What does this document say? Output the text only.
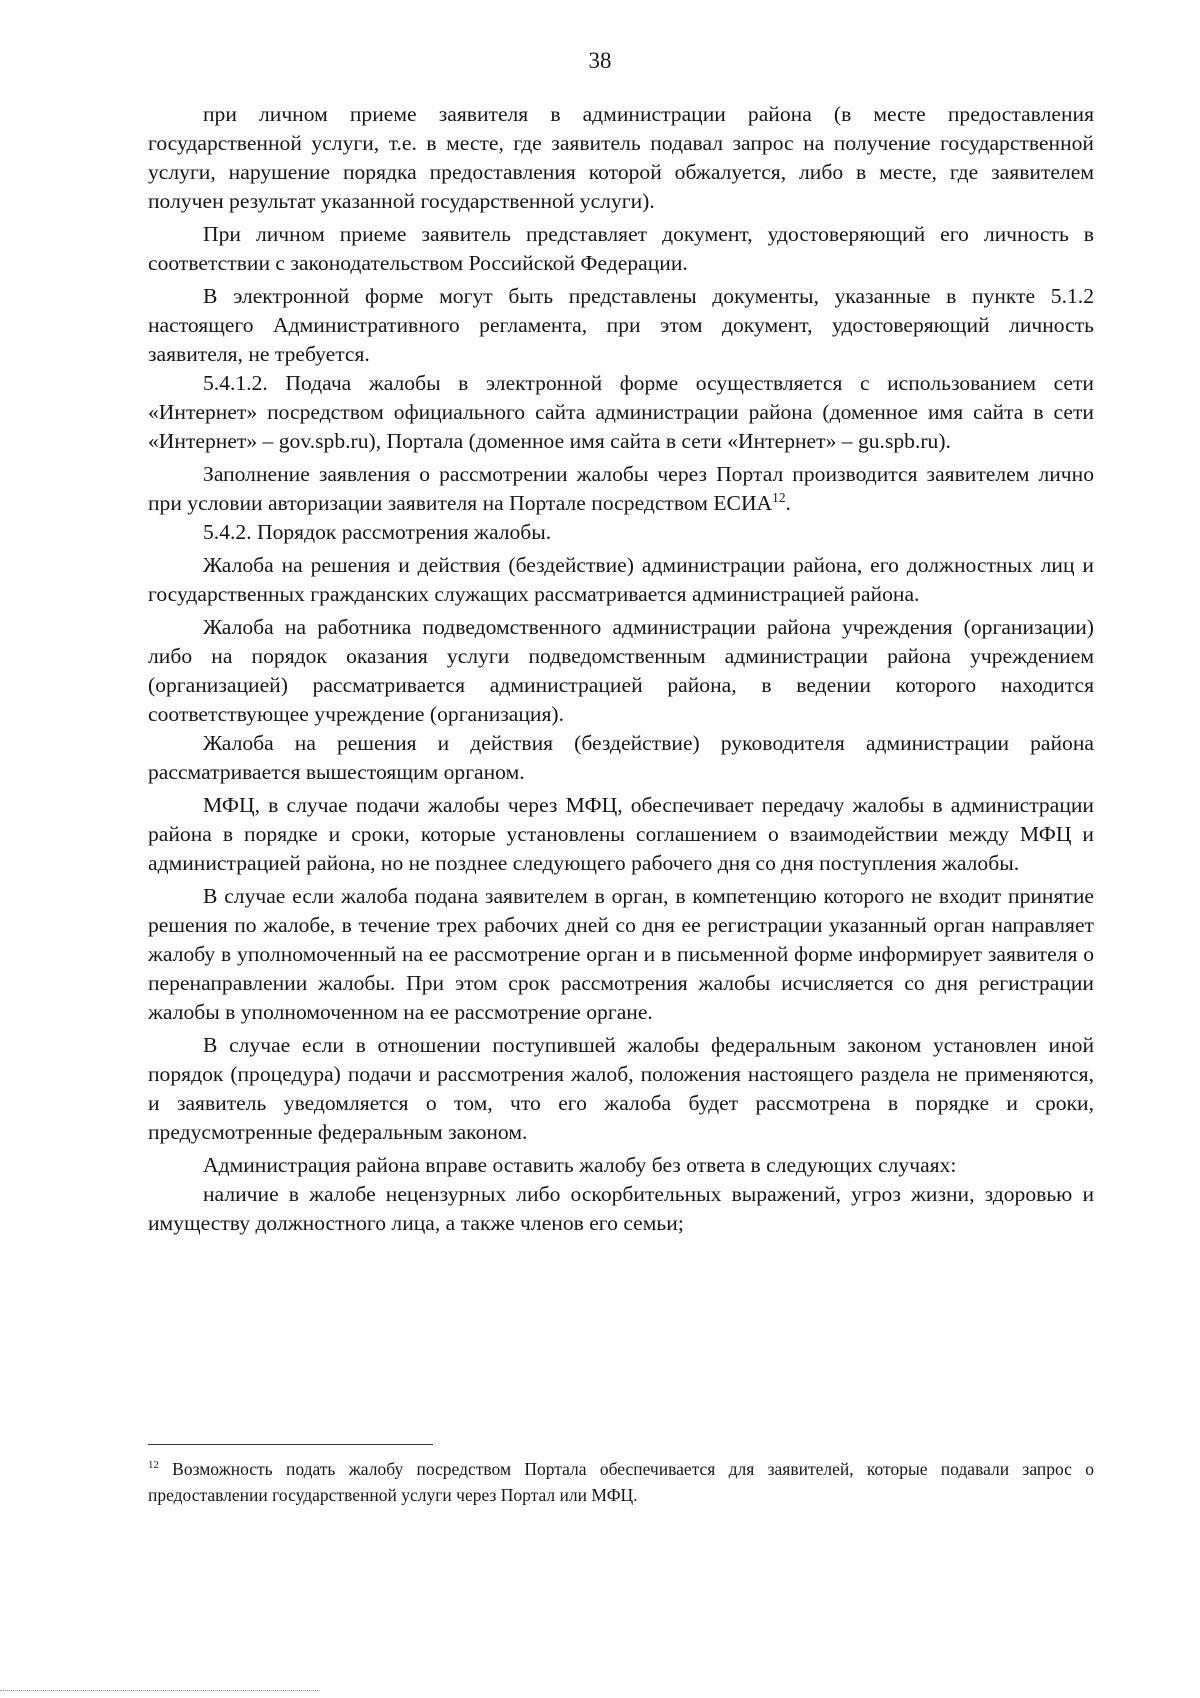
38

при личном приеме заявителя в администрации района (в месте предоставления государственной услуги, т.е. в месте, где заявитель подавал запрос на получение государственной услуги, нарушение порядка предоставления которой обжалуется, либо в месте, где заявителем получен результат указанной государственной услуги).

При личном приеме заявитель представляет документ, удостоверяющий его личность в соответствии с законодательством Российской Федерации.

В электронной форме могут быть представлены документы, указанные в пункте 5.1.2 настоящего Административного регламента, при этом документ, удостоверяющий личность заявителя, не требуется.

5.4.1.2. Подача жалобы в электронной форме осуществляется с использованием сети «Интернет» посредством официального сайта администрации района (доменное имя сайта в сети «Интернет» – gov.spb.ru), Портала (доменное имя сайта в сети «Интернет» – gu.spb.ru).

Заполнение заявления о рассмотрении жалобы через Портал производится заявителем лично при условии авторизации заявителя на Портале посредством ЕСИА$^{12}$.

5.4.2. Порядок рассмотрения жалобы.

Жалоба на решения и действия (бездействие) администрации района, его должностных лиц и государственных гражданских служащих рассматривается администрацией района.

Жалоба на работника подведомственного администрации района учреждения (организации) либо на порядок оказания услуги подведомственным администрации района учреждением (организацией) рассматривается администрацией района, в ведении которого находится соответствующее учреждение (организация).

Жалоба на решения и действия (бездействие) руководителя администрации района рассматривается вышестоящим органом.

МФЦ, в случае подачи жалобы через МФЦ, обеспечивает передачу жалобы в администрации района в порядке и сроки, которые установлены соглашением о взаимодействии между МФЦ и администрацией района, но не позднее следующего рабочего дня со дня поступления жалобы.

В случае если жалоба подана заявителем в орган, в компетенцию которого не входит принятие решения по жалобе, в течение трех рабочих дней со дня ее регистрации указанный орган направляет жалобу в уполномоченный на ее рассмотрение орган и в письменной форме информирует заявителя о перенаправлении жалобы. При этом срок рассмотрения жалобы исчисляется со дня регистрации жалобы в уполномоченном на ее рассмотрение органе.

В случае если в отношении поступившей жалобы федеральным законом установлен иной порядок (процедура) подачи и рассмотрения жалоб, положения настоящего раздела не применяются, и заявитель уведомляется о том, что его жалоба будет рассмотрена в порядке и сроки, предусмотренные федеральным законом.

Администрация района вправе оставить жалобу без ответа в следующих случаях:

наличие в жалобе нецензурных либо оскорбительных выражений, угроз жизни, здоровью и имуществу должностного лица, а также членов его семьи;

$^{12}$ Возможность подать жалобу посредством Портала обеспечивается для заявителей, которые подавали запрос о предоставлении государственной услуги через Портал или МФЦ.
